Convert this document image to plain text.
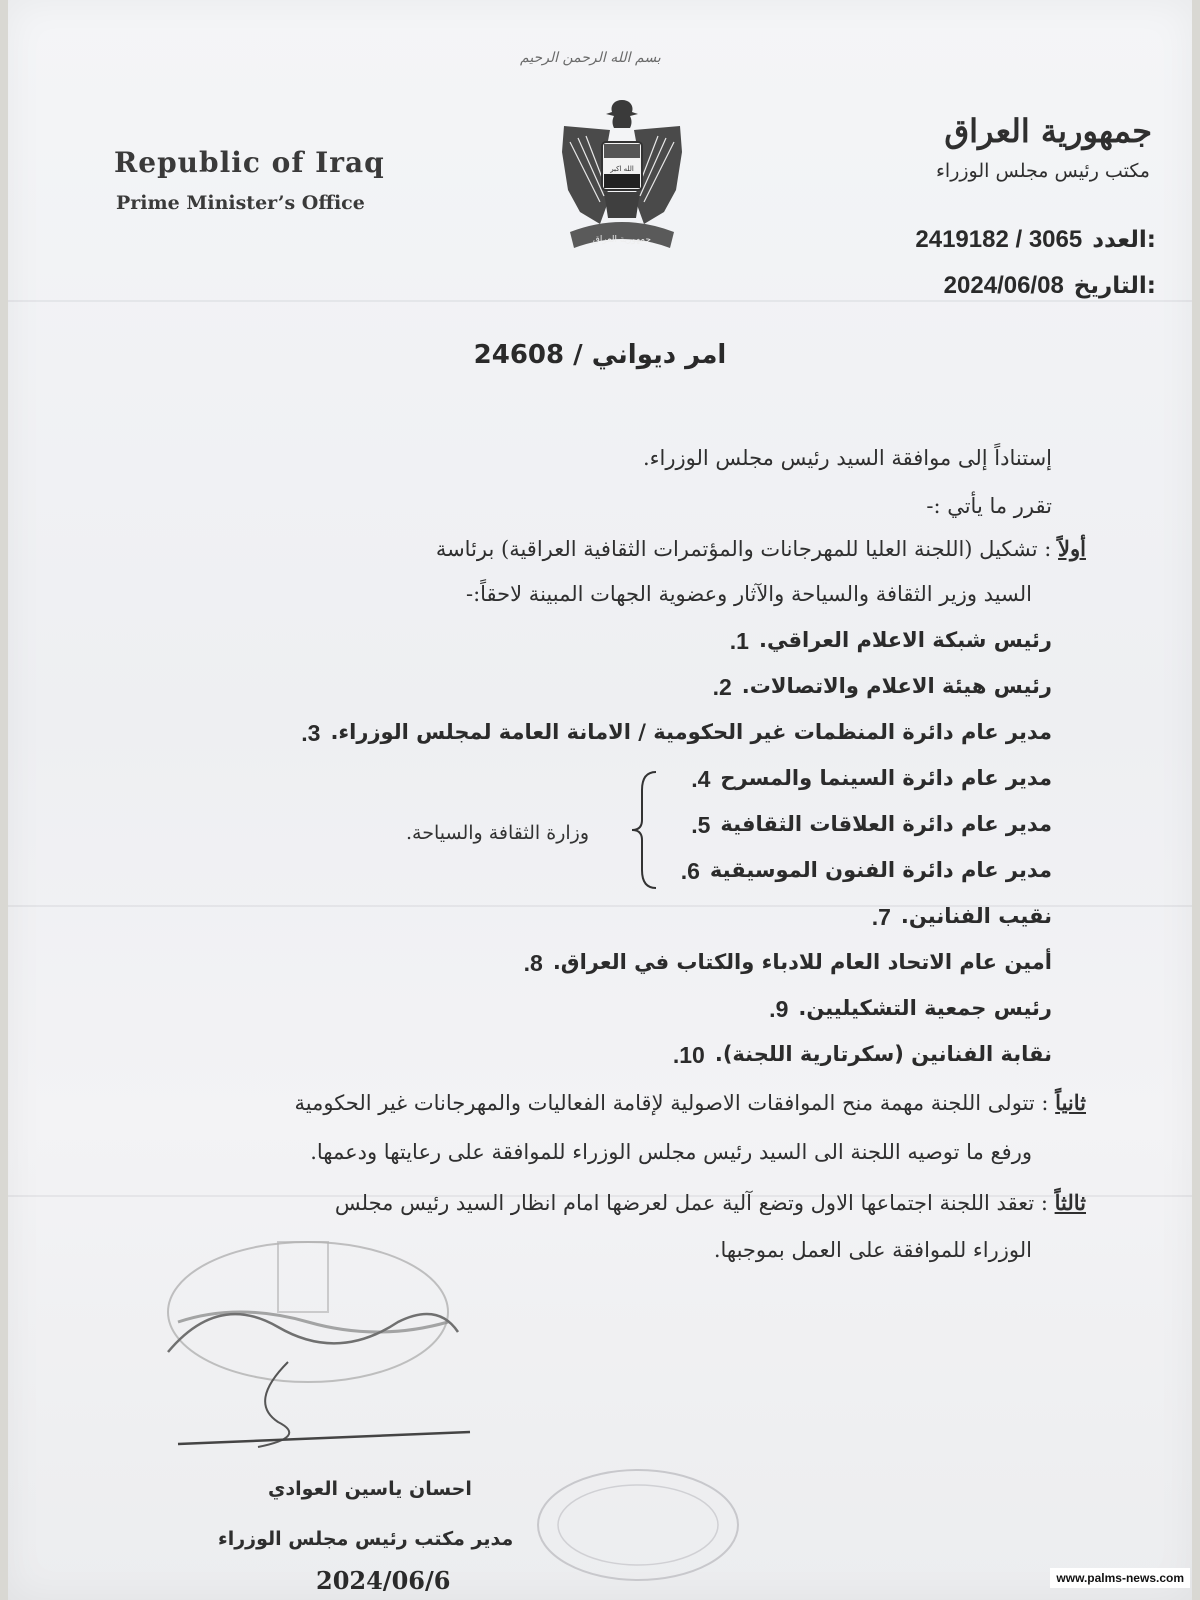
بسم الله الرحمن الرحيم
Republic of Iraq
Prime Minister’s Office
الله اكبر
جمهورية العراق
جمهورية العراق
مكتب رئيس مجلس الوزراء
العدد:
2419182 / 3065
التاريخ:
2024/06/08
امر ديواني / 24608
إستناداً إلى موافقة السيد رئيس مجلس الوزراء.
تقرر ما يأتي :-
أولاً : تشكيل (اللجنة العليا للمهرجانات والمؤتمرات الثقافية العراقية) برئاسة
السيد وزير الثقافة والسياحة والآثار وعضوية الجهات المبينة لاحقاً:-
1. رئيس شبكة الاعلام العراقي.
2. رئيس هيئة الاعلام والاتصالات.
3. مدير عام دائرة المنظمات غير الحكومية / الامانة العامة لمجلس الوزراء.
4. مدير عام دائرة السينما والمسرح
5. مدير عام دائرة العلاقات الثقافية
6. مدير عام دائرة الفنون الموسيقية
7. نقيب الفنانين.
8. أمين عام الاتحاد العام للادباء والكتاب في العراق.
9. رئيس جمعية التشكيليين.
10. نقابة الفنانين (سكرتارية اللجنة).
وزارة الثقافة والسياحة.
ثانياً : تتولى اللجنة مهمة منح الموافقات الاصولية لإقامة الفعاليات والمهرجانات غير الحكومية
ورفع ما توصيه اللجنة الى السيد رئيس مجلس الوزراء للموافقة على رعايتها ودعمها.
ثالثاً : تعقد اللجنة اجتماعها الاول وتضع آلية عمل لعرضها امام انظار السيد رئيس مجلس
الوزراء للموافقة على العمل بموجبها.
احسان ياسين العوادي
مدير مكتب رئيس مجلس الوزراء
2024/06/6	www.palms-news.com
